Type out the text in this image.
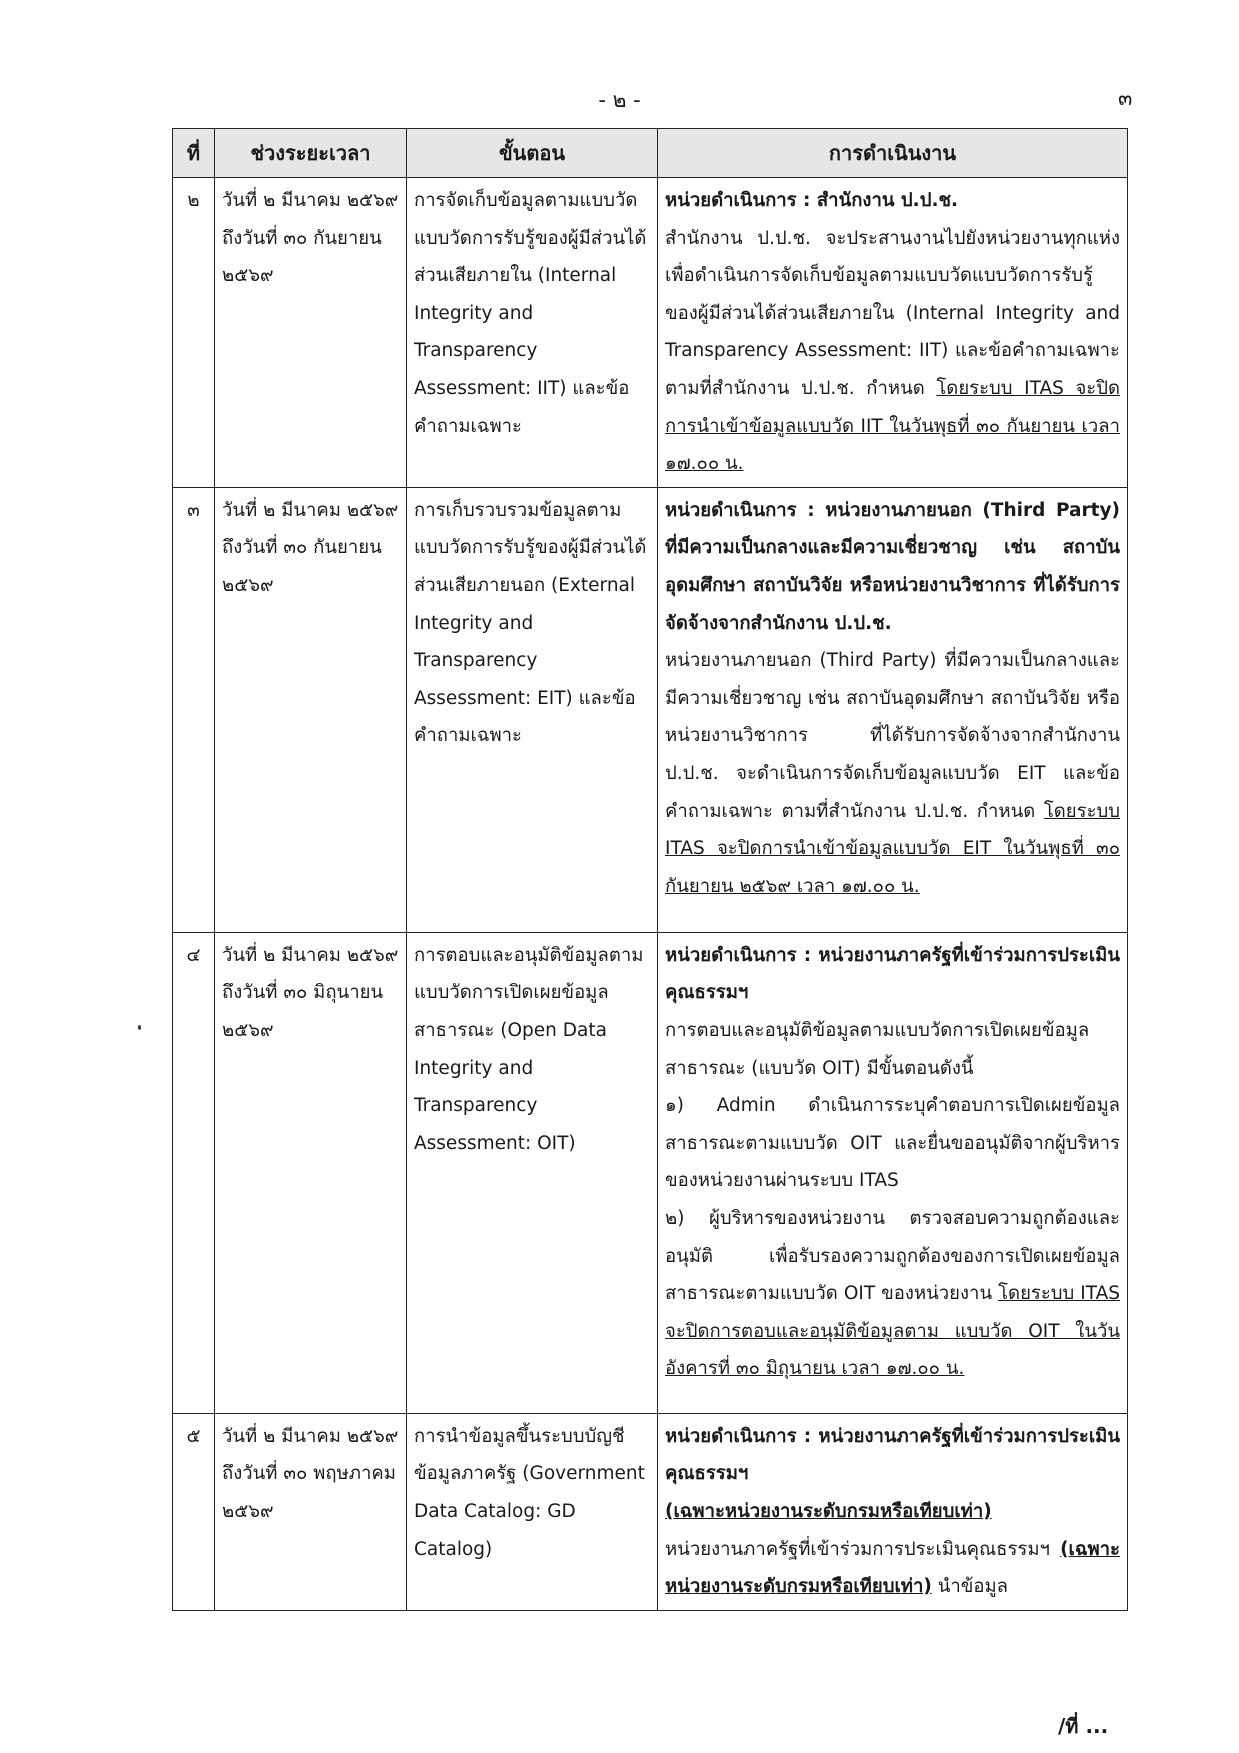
- ๒ -	๓
ที่	ช่วงระยะเวลา	ขั้นตอน	การดำเนินงาน
๒	วันที่ ๒ มีนาคม ๒๕๖๙ ถึงวันที่ ๓๐ กันยายน ๒๕๖๙	การจัดเก็บข้อมูลตามแบบวัดแบบวัดการรับรู้ของผู้มีส่วนได้ส่วนเสียภายใน (Internal Integrity and Transparency Assessment: IIT) และข้อคำถามเฉพาะ	หน่วยดำเนินการ : สำนักงาน ป.ป.ช.
สำนักงาน ป.ป.ช. จะประสานงานไปยังหน่วยงานทุกแห่ง เพื่อดำเนินการจัดเก็บข้อมูลตามแบบวัดแบบวัดการรับรู้ของผู้มีส่วนได้ส่วนเสียภายใน (Internal Integrity and Transparency Assessment: IIT) และข้อคำถามเฉพาะตามที่สำนักงาน ป.ป.ช. กำหนด โดยระบบ ITAS จะปิดการนำเข้าข้อมูลแบบวัด IIT ในวันพุธที่ ๓๐ กันยายน เวลา ๑๗.๐๐ น.
๓	วันที่ ๒ มีนาคม ๒๕๖๙ ถึงวันที่ ๓๐ กันยายน ๒๕๖๙	การเก็บรวบรวมข้อมูลตามแบบวัดการรับรู้ของผู้มีส่วนได้ส่วนเสียภายนอก (External Integrity and Transparency Assessment: EIT) และข้อคำถามเฉพาะ	หน่วยดำเนินการ : หน่วยงานภายนอก (Third Party) ที่มีความเป็นกลางและมีความเชี่ยวชาญ เช่น สถาบันอุดมศึกษา สถาบันวิจัย หรือหน่วยงานวิชาการ ที่ได้รับการจัดจ้างจากสำนักงาน ป.ป.ช.
หน่วยงานภายนอก (Third Party) ที่มีความเป็นกลางและมีความเชี่ยวชาญ เช่น สถาบันอุดมศึกษา สถาบันวิจัย หรือหน่วยงานวิชาการ ที่ได้รับการจัดจ้างจากสำนักงาน ป.ป.ช. จะดำเนินการจัดเก็บข้อมูลแบบวัด EIT และข้อคำถามเฉพาะ ตามที่สำนักงาน ป.ป.ช. กำหนด โดยระบบ ITAS จะปิดการนำเข้าข้อมูลแบบวัด EIT ในวันพุธที่ ๓๐ กันยายน ๒๕๖๙ เวลา ๑๗.๐๐ น.
๔	วันที่ ๒ มีนาคม ๒๕๖๙ ถึงวันที่ ๓๐ มิถุนายน ๒๕๖๙	การตอบและอนุมัติข้อมูลตามแบบวัดการเปิดเผยข้อมูลสาธารณะ (Open Data Integrity and Transparency Assessment: OIT)	หน่วยดำเนินการ : หน่วยงานภาครัฐที่เข้าร่วมการประเมินคุณธรรมฯ
การตอบและอนุมัติข้อมูลตามแบบวัดการเปิดเผยข้อมูลสาธารณะ (แบบวัด OIT) มีขั้นตอนดังนี้
๑) Admin ดำเนินการระบุคำตอบการเปิดเผยข้อมูลสาธารณะตามแบบวัด OIT และยื่นขออนุมัติจากผู้บริหารของหน่วยงานผ่านระบบ ITAS
๒) ผู้บริหารของหน่วยงาน ตรวจสอบความถูกต้องและอนุมัติ เพื่อรับรองความถูกต้องของการเปิดเผยข้อมูลสาธารณะตามแบบวัด OIT ของหน่วยงาน โดยระบบ ITAS จะปิดการตอบและอนุมัติข้อมูลตาม แบบวัด OIT ในวันอังคารที่ ๓๐ มิถุนายน เวลา ๑๗.๐๐ น.
๕	วันที่ ๒ มีนาคม ๒๕๖๙ ถึงวันที่ ๓๐ พฤษภาคม ๒๕๖๙	การนำข้อมูลขึ้นระบบบัญชีข้อมูลภาครัฐ (Government Data Catalog: GD Catalog)	หน่วยดำเนินการ : หน่วยงานภาครัฐที่เข้าร่วมการประเมินคุณธรรมฯ
(เฉพาะหน่วยงานระดับกรมหรือเทียบเท่า)
หน่วยงานภาครัฐที่เข้าร่วมการประเมินคุณธรรมฯ (เฉพาะหน่วยงานระดับกรมหรือเทียบเท่า) นำข้อมูล
/ที่ ...
